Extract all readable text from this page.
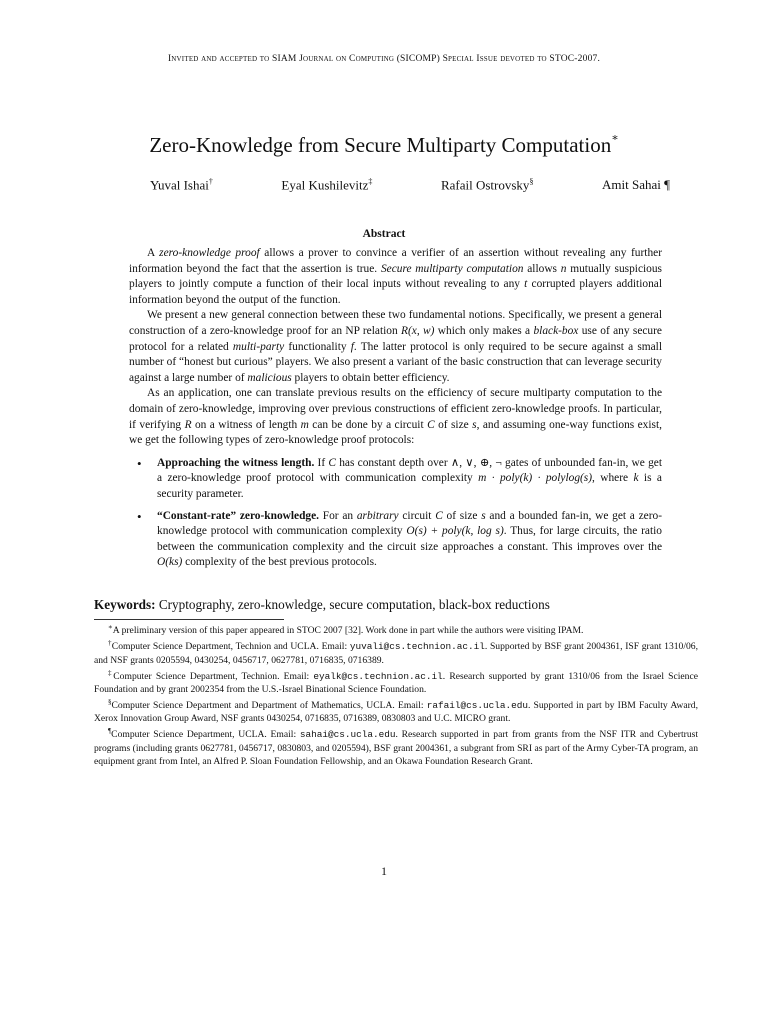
Invited and accepted to SIAM Journal on Computing (SICOMP) Special Issue devoted to STOC-2007.
Zero-Knowledge from Secure Multiparty Computation∗
Yuval Ishai†	Eyal Kushilevitz‡	Rafail Ostrovsky§	Amit Sahai ¶
Abstract

A zero-knowledge proof allows a prover to convince a verifier of an assertion without revealing any further information beyond the fact that the assertion is true. Secure multiparty computation allows n mutually suspicious players to jointly compute a function of their local inputs without revealing to any t corrupted players additional information beyond the output of the function.

We present a new general connection between these two fundamental notions. Specifically, we present a general construction of a zero-knowledge proof for an NP relation R(x, w) which only makes a black-box use of any secure protocol for a related multi-party functionality f. The latter protocol is only required to be secure against a small number of “honest but curious” players. We also present a variant of the basic construction that can leverage security against a large number of malicious players to obtain better efficiency.

As an application, one can translate previous results on the efficiency of secure multiparty computation to the domain of zero-knowledge, improving over previous constructions of efficient zero-knowledge proofs. In particular, if verifying R on a witness of length m can be done by a circuit C of size s, and assuming one-way functions exist, we get the following types of zero-knowledge proof protocols:

• Approaching the witness length. If C has constant depth over ∧, ∨, ⊕, ¬ gates of unbounded fan-in, we get a zero-knowledge proof protocol with communication complexity m · poly(k) · polylog(s), where k is a security parameter.
• “Constant-rate” zero-knowledge. For an arbitrary circuit C of size s and a bounded fan-in, we get a zero-knowledge protocol with communication complexity O(s) + poly(k, log s). Thus, for large circuits, the ratio between the communication complexity and the circuit size approaches a constant. This improves over the O(ks) complexity of the best previous protocols.
Keywords: Cryptography, zero-knowledge, secure computation, black-box reductions

∗A preliminary version of this paper appeared in STOC 2007 [32]. Work done in part while the authors were visiting IPAM.

†Computer Science Department, Technion and UCLA. Email: yuvali@cs.technion.ac.il. Supported by BSF grant 2004361, ISF grant 1310/06, and NSF grants 0205594, 0430254, 0456717, 0627781, 0716835, 0716389.

‡Computer Science Department, Technion. Email: eyalk@cs.technion.ac.il. Research supported by grant 1310/06 from the Israel Science Foundation and by grant 2002354 from the U.S.-Israel Binational Science Foundation.

§Computer Science Department and Department of Mathematics, UCLA. Email: rafail@cs.ucla.edu. Supported in part by IBM Faculty Award, Xerox Innovation Group Award, NSF grants 0430254, 0716835, 0716389, 0830803 and U.C. MICRO grant.

¶Computer Science Department, UCLA. Email: sahai@cs.ucla.edu. Research supported in part from grants from the NSF ITR and Cybertrust programs (including grants 0627781, 0456717, 0830803, and 0205594), BSF grant 2004361, a subgrant from SRI as part of the Army Cyber-TA program, an equipment grant from Intel, an Alfred P. Sloan Foundation Fellowship, and an Okawa Foundation Research Grant.

1
